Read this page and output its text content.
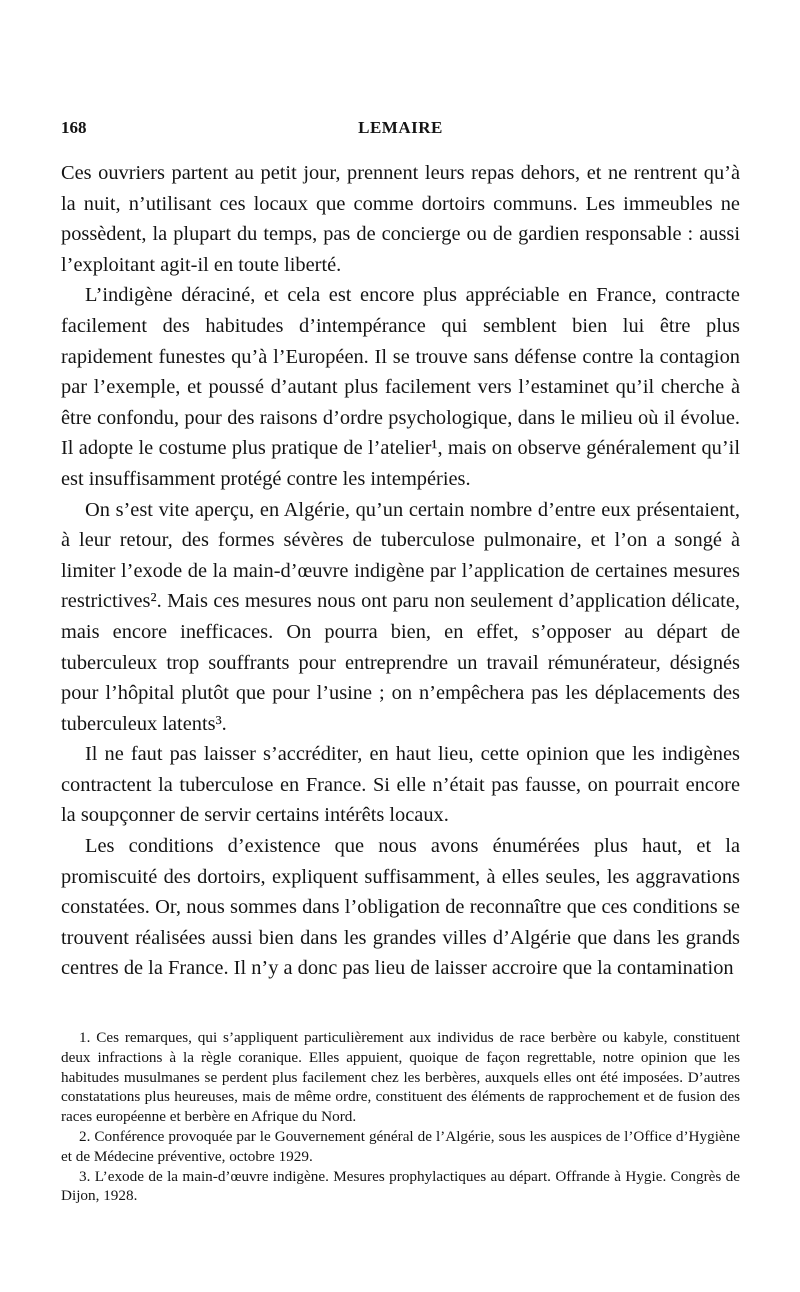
168	LEMAIRE

Ces ouvriers partent au petit jour, prennent leurs repas dehors, et ne rentrent qu’à la nuit, n’utilisant ces locaux que comme dortoirs communs. Les immeubles ne possèdent, la plupart du temps, pas de concierge ou de gardien responsable : aussi l’exploitant agit-il en toute liberté.

L’indigène déraciné, et cela est encore plus appréciable en France, contracte facilement des habitudes d’intempérance qui semblent bien lui être plus rapidement funestes qu’à l’Européen. Il se trouve sans défense contre la contagion par l’exemple, et poussé d’autant plus facilement vers l’estaminet qu’il cherche à être confondu, pour des raisons d’ordre psychologique, dans le milieu où il évolue. Il adopte le costume plus pratique de l’atelier¹, mais on observe généralement qu’il est insuffisamment protégé contre les intempéries.

On s’est vite aperçu, en Algérie, qu’un certain nombre d’entre eux présentaient, à leur retour, des formes sévères de tuberculose pulmonaire, et l’on a songé à limiter l’exode de la main-d’œuvre indigène par l’application de certaines mesures restrictives². Mais ces mesures nous ont paru non seulement d’application délicate, mais encore inefficaces. On pourra bien, en effet, s’opposer au départ de tuberculeux trop souffrants pour entreprendre un travail rémunérateur, désignés pour l’hôpital plutôt que pour l’usine ; on n’empêchera pas les déplacements des tuberculeux latents³.

Il ne faut pas laisser s’accréditer, en haut lieu, cette opinion que les indigènes contractent la tuberculose en France. Si elle n’était pas fausse, on pourrait encore la soupçonner de servir certains intérêts locaux.

Les conditions d’existence que nous avons énumérées plus haut, et la promiscuité des dortoirs, expliquent suffisamment, à elles seules, les aggravations constatées. Or, nous sommes dans l’obligation de reconnaître que ces conditions se trouvent réalisées aussi bien dans les grandes villes d’Algérie que dans les grands centres de la France. Il n’y a donc pas lieu de laisser accroire que la contamination

1. Ces remarques, qui s’appliquent particulièrement aux individus de race berbère ou kabyle, constituent deux infractions à la règle coranique. Elles appuient, quoique de façon regrettable, notre opinion que les habitudes musulmanes se perdent plus facilement chez les berbères, auxquels elles ont été imposées. D’autres constatations plus heureuses, mais de même ordre, constituent des éléments de rapprochement et de fusion des races européenne et berbère en Afrique du Nord.

2. Conférence provoquée par le Gouvernement général de l’Algérie, sous les auspices de l’Office d’Hygiène et de Médecine préventive, octobre 1929.

3. L’exode de la main-d’œuvre indigène. Mesures prophylactiques au départ. Offrande à Hygie. Congrès de Dijon, 1928.
